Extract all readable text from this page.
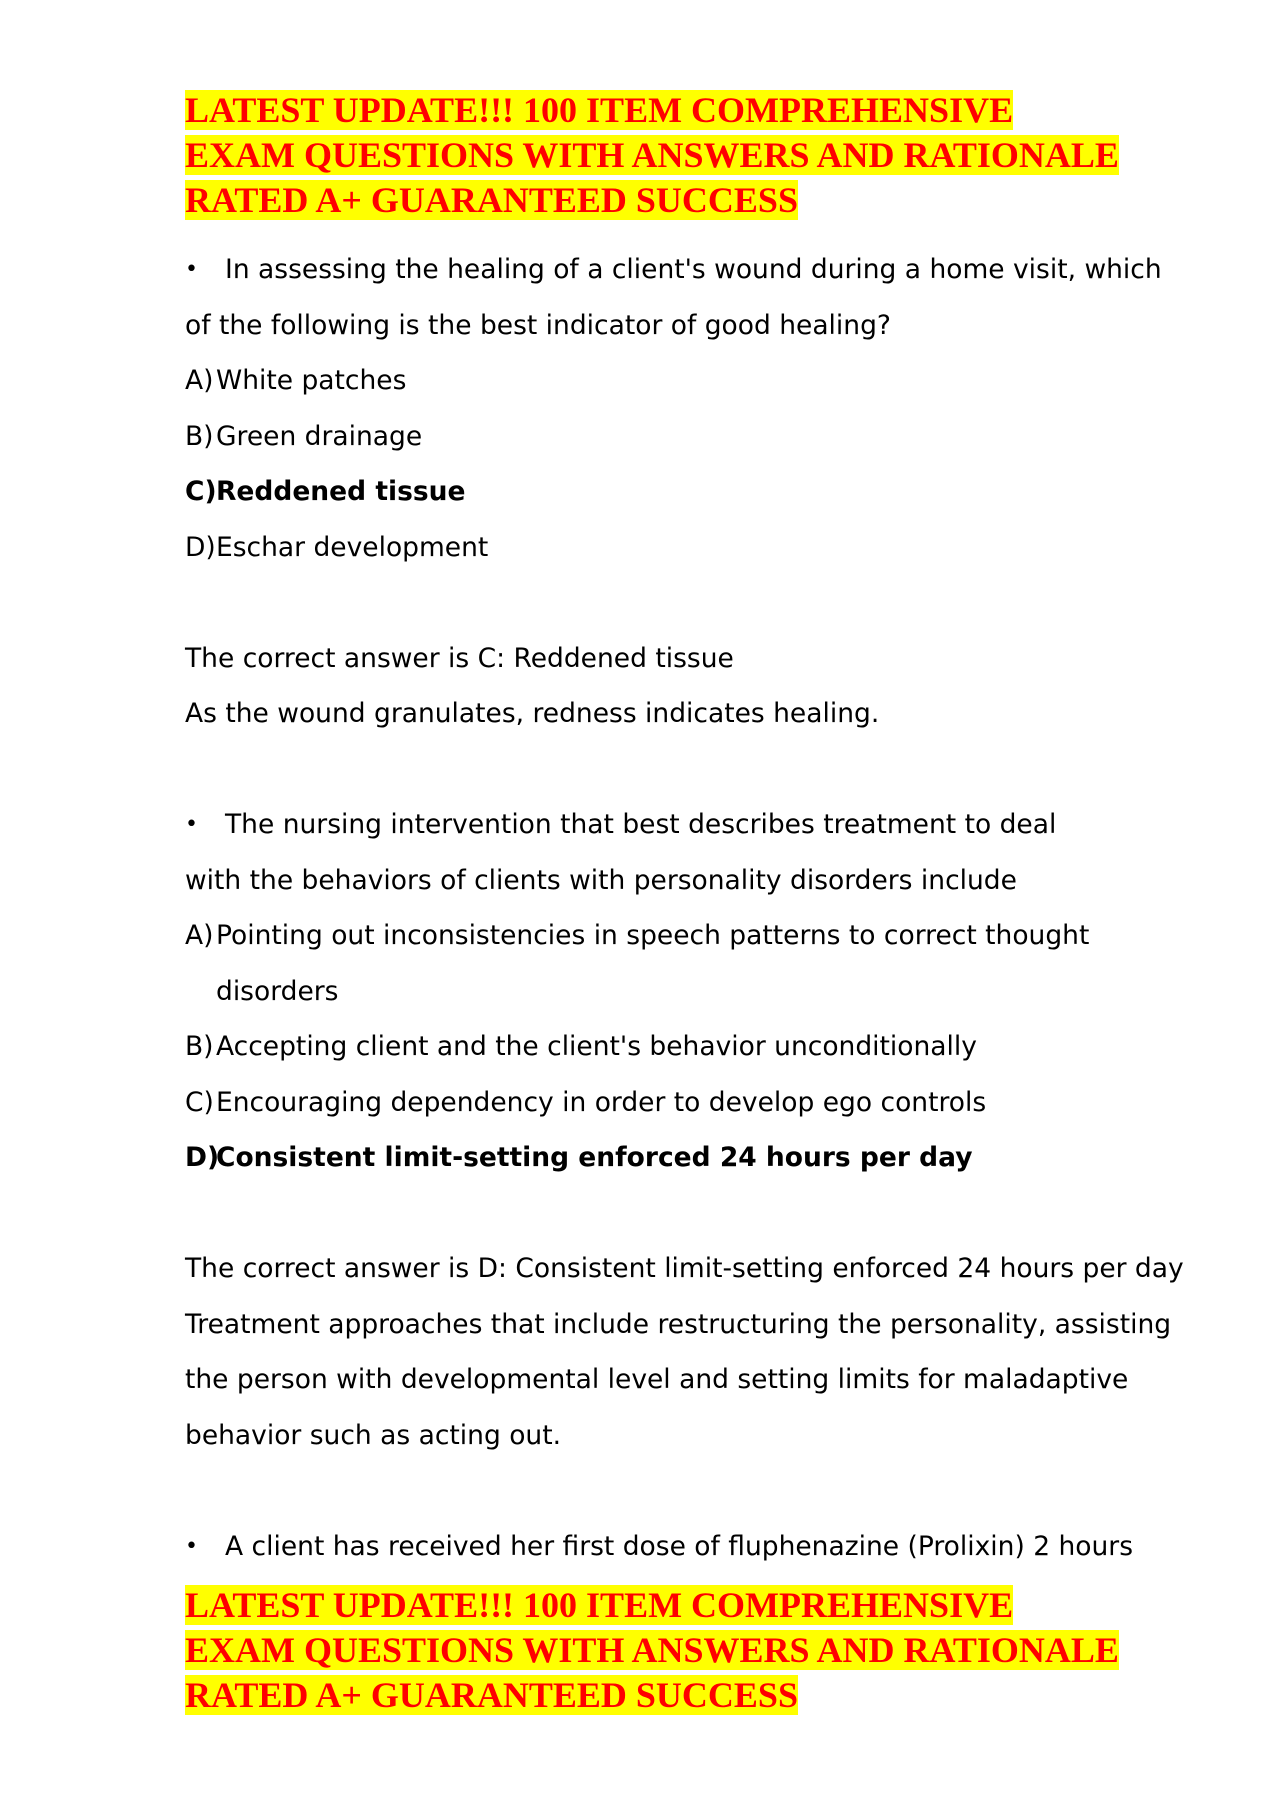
LATEST UPDATE!!! 100 ITEM COMPREHENSIVE
EXAM QUESTIONS WITH ANSWERS AND RATIONALE
RATED A+ GUARANTEED SUCCESS
• In assessing the healing of a client's wound during a home visit, which
of the following is the best indicator of good healing?
A) White patches
B) Green drainage
C) Reddened tissue
D) Eschar development
The correct answer is C: Reddened tissue
As the wound granulates, redness indicates healing.
• The nursing intervention that best describes treatment to deal
with the behaviors of clients with personality disorders include
A) Pointing out inconsistencies in speech patterns to correct thought
disorders
B) Accepting client and the client's behavior unconditionally
C) Encouraging dependency in order to develop ego controls
D)
Consistent limit-setting enforced 24 hours per day
The correct answer is D: Consistent limit-setting enforced 24 hours per day
Treatment approaches that include restructuring the personality, assisting
the person with developmental level and setting limits for maladaptive
behavior such as acting out.
• A client has received her first dose of fluphenazine (Prolixin) 2 hours
LATEST UPDATE!!! 100 ITEM COMPREHENSIVE
EXAM QUESTIONS WITH ANSWERS AND RATIONALE
RATED A+ GUARANTEED SUCCESS
